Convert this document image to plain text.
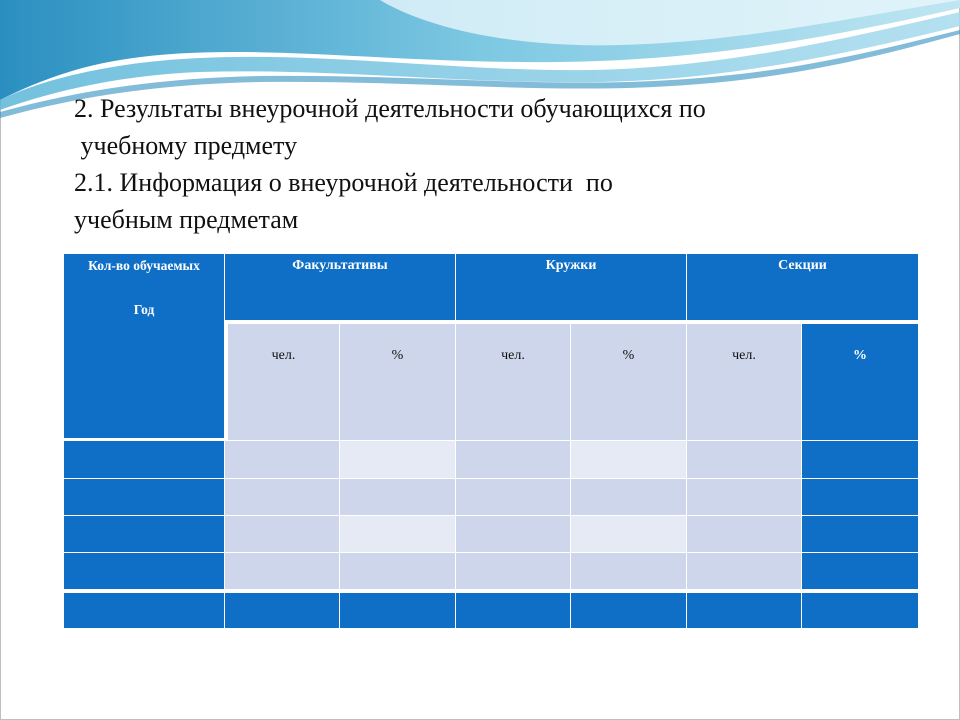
2. Результаты внеурочной деятельности обучающихся по
учебному предмету
2.1. Информация о внеурочной деятельности  по
учебным предметам
Кол-во обучаемых
Год
Факультативы	Кружки	Секции
чел.	%	чел.	%	чел.	%
